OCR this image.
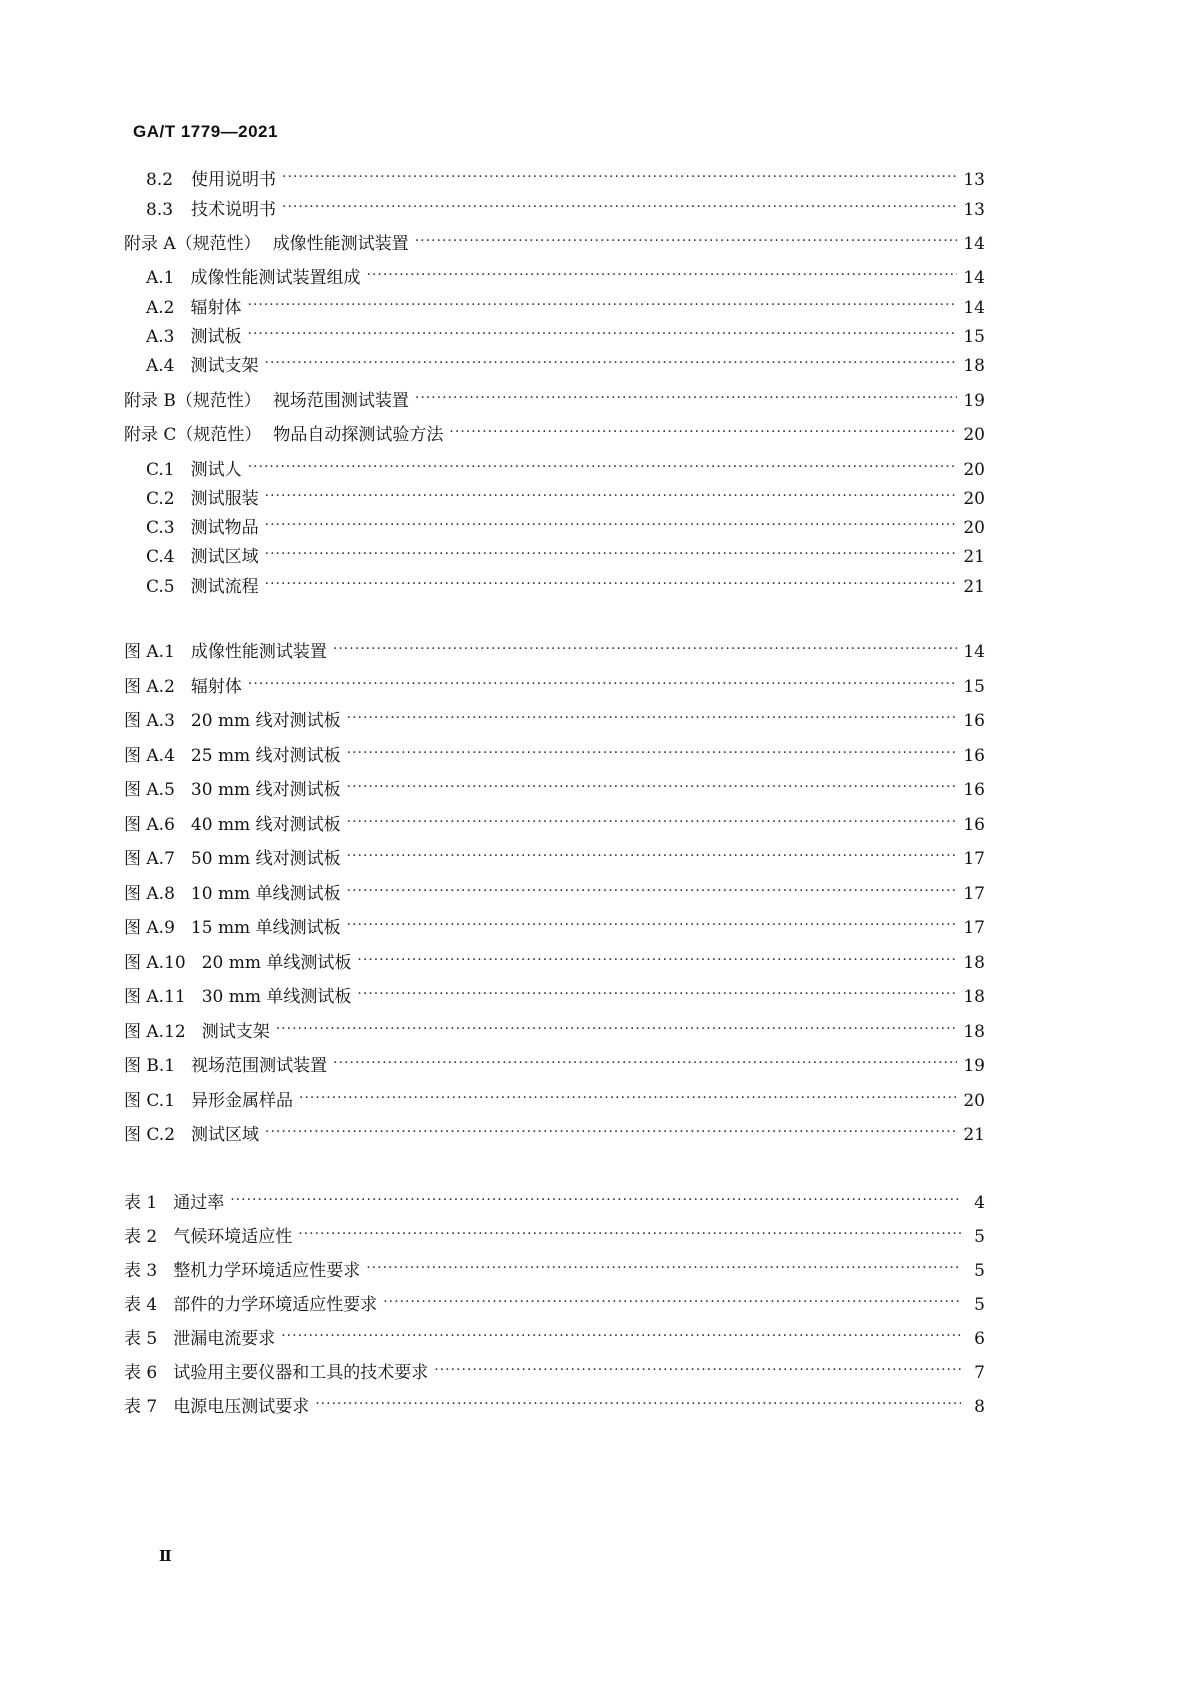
GA/T 1779—2021
8.2 使用说明书 ·····	13
8.3 技术说明书 ·····	13
附录 A（规范性） 成像性能测试装置 ·····	14
A.1 成像性能测试装置组成 ·····	14
A.2 辐射体 ·····	14
A.3 测试板 ·····	15
A.4 测试支架 ·····	18
附录 B（规范性） 视场范围测试装置 ·····	19
附录 C（规范性） 物品自动探测试验方法 ·····	20
C.1 测试人 ·····	20
C.2 测试服装 ·····	20
C.3 测试物品 ·····	20
C.4 测试区域 ·····	21
C.5 测试流程 ·····	21
图 A.1 成像性能测试装置 ·····	14
图 A.2 辐射体 ·····	15
图 A.3 20 mm 线对测试板 ·····	16
图 A.4 25 mm 线对测试板 ·····	16
图 A.5 30 mm 线对测试板 ·····	16
图 A.6 40 mm 线对测试板 ·····	16
图 A.7 50 mm 线对测试板 ·····	17
图 A.8 10 mm 单线测试板 ·····	17
图 A.9 15 mm 单线测试板 ·····	17
图 A.10 20 mm 单线测试板 ·····	18
图 A.11 30 mm 单线测试板 ·····	18
图 A.12 测试支架 ·····	18
图 B.1 视场范围测试装置 ·····	19
图 C.1 异形金属样品 ·····	20
图 C.2 测试区域 ·····	21
表 1 通过率 ·····	4
表 2 气候环境适应性 ·····	5
表 3 整机力学环境适应性要求 ·····	5
表 4 部件的力学环境适应性要求 ·····	5
表 5 泄漏电流要求 ·····	6
表 6 试验用主要仪器和工具的技术要求 ·····	7
表 7 电源电压测试要求 ·····	8
Ⅱ
